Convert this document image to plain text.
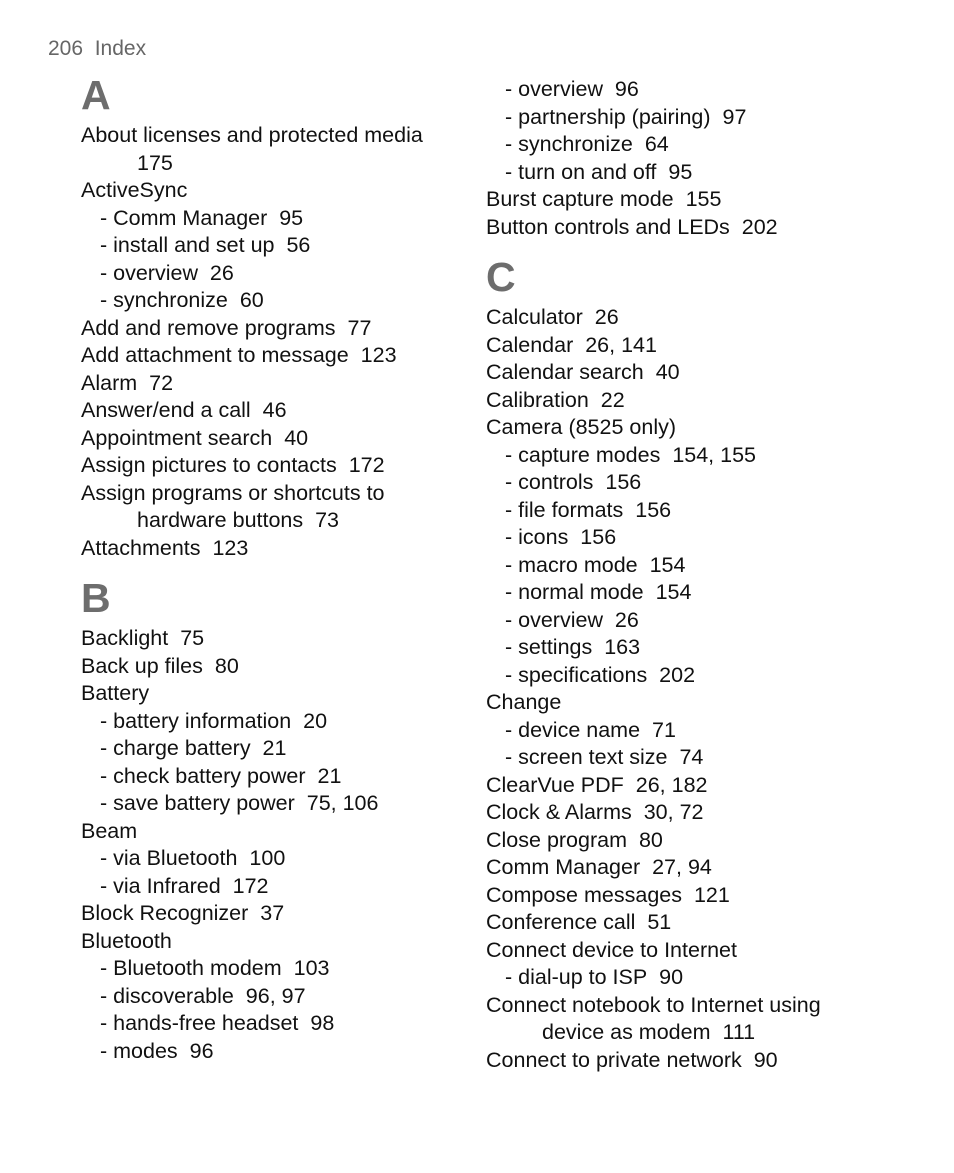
206 Index
A
About licenses and protected media
175
ActiveSync
- Comm Manager 95
- install and set up 56
- overview 26
- synchronize 60
Add and remove programs 77
Add attachment to message 123
Alarm 72
Answer/end a call 46
Appointment search 40
Assign pictures to contacts 172
Assign programs or shortcuts to
hardware buttons 73
Attachments 123
B
Backlight 75
Back up files 80
Battery
- battery information 20
- charge battery 21
- check battery power 21
- save battery power 75, 106
Beam
- via Bluetooth 100
- via Infrared 172
Block Recognizer 37
Bluetooth
- Bluetooth modem 103
- discoverable 96, 97
- hands-free headset 98
- modes 96
- overview 96
- partnership (pairing) 97
- synchronize 64
- turn on and off 95
Burst capture mode 155
Button controls and LEDs 202
C
Calculator 26
Calendar 26, 141
Calendar search 40
Calibration 22
Camera (8525 only)
- capture modes 154, 155
- controls 156
- file formats 156
- icons 156
- macro mode 154
- normal mode 154
- overview 26
- settings 163
- specifications 202
Change
- device name 71
- screen text size 74
ClearVue PDF 26, 182
Clock & Alarms 30, 72
Close program 80
Comm Manager 27, 94
Compose messages 121
Conference call 51
Connect device to Internet
- dial-up to ISP 90
Connect notebook to Internet using
device as modem 111
Connect to private network 90
